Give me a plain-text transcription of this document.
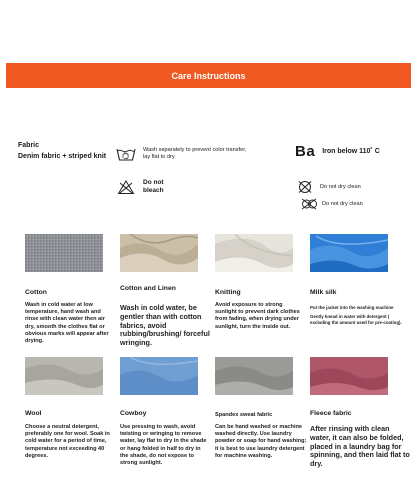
Care Instructions
Fabric
Denim fabric + striped knit
Wash separately to prevent color transfer, lay flat to dry
Do not bleach
Ba Iron below 110˚ C
Do not dry clean
Do not dry clean
Cotton
Wash in cold water at low temperature, hand wash and rinse with clean water then air dry, smooth the clothes flat or obvious marks will appear after drying.
Cotton and Linen
Wash in cold water, be gentler than with cotton fabrics, avoid rubbing/brushing/ forceful wringing.
Knitting
Avoid exposure to strong sunlight to prevent dark clothes from fading, when drying under sunlight, turn the inside out.
Milk silk
Put the jacket into the washing machine
Gently knead in water with detergent ( excluding the amount used for pre-coating).
Wool
Choose a neutral detergent, preferably one for wool. Soak in cold water for a period of time, temperature not exceeding 40 degrees.
Cowboy
Use pressing to wash, avoid twisting or wringing to remove water, lay flat to dry in the shade or hang folded in half to dry in the shade, do not expose to strong sunlight.
Spandex sweat fabric
Can be hand washed or machine washed directly. Use laundry powder or soap for hand washing; it is best to use laundry detergent for machine washing.
Fleece fabric
After rinsing with clean water, it can also be folded, placed in a laundry bag for spinning, and then laid flat to dry.
